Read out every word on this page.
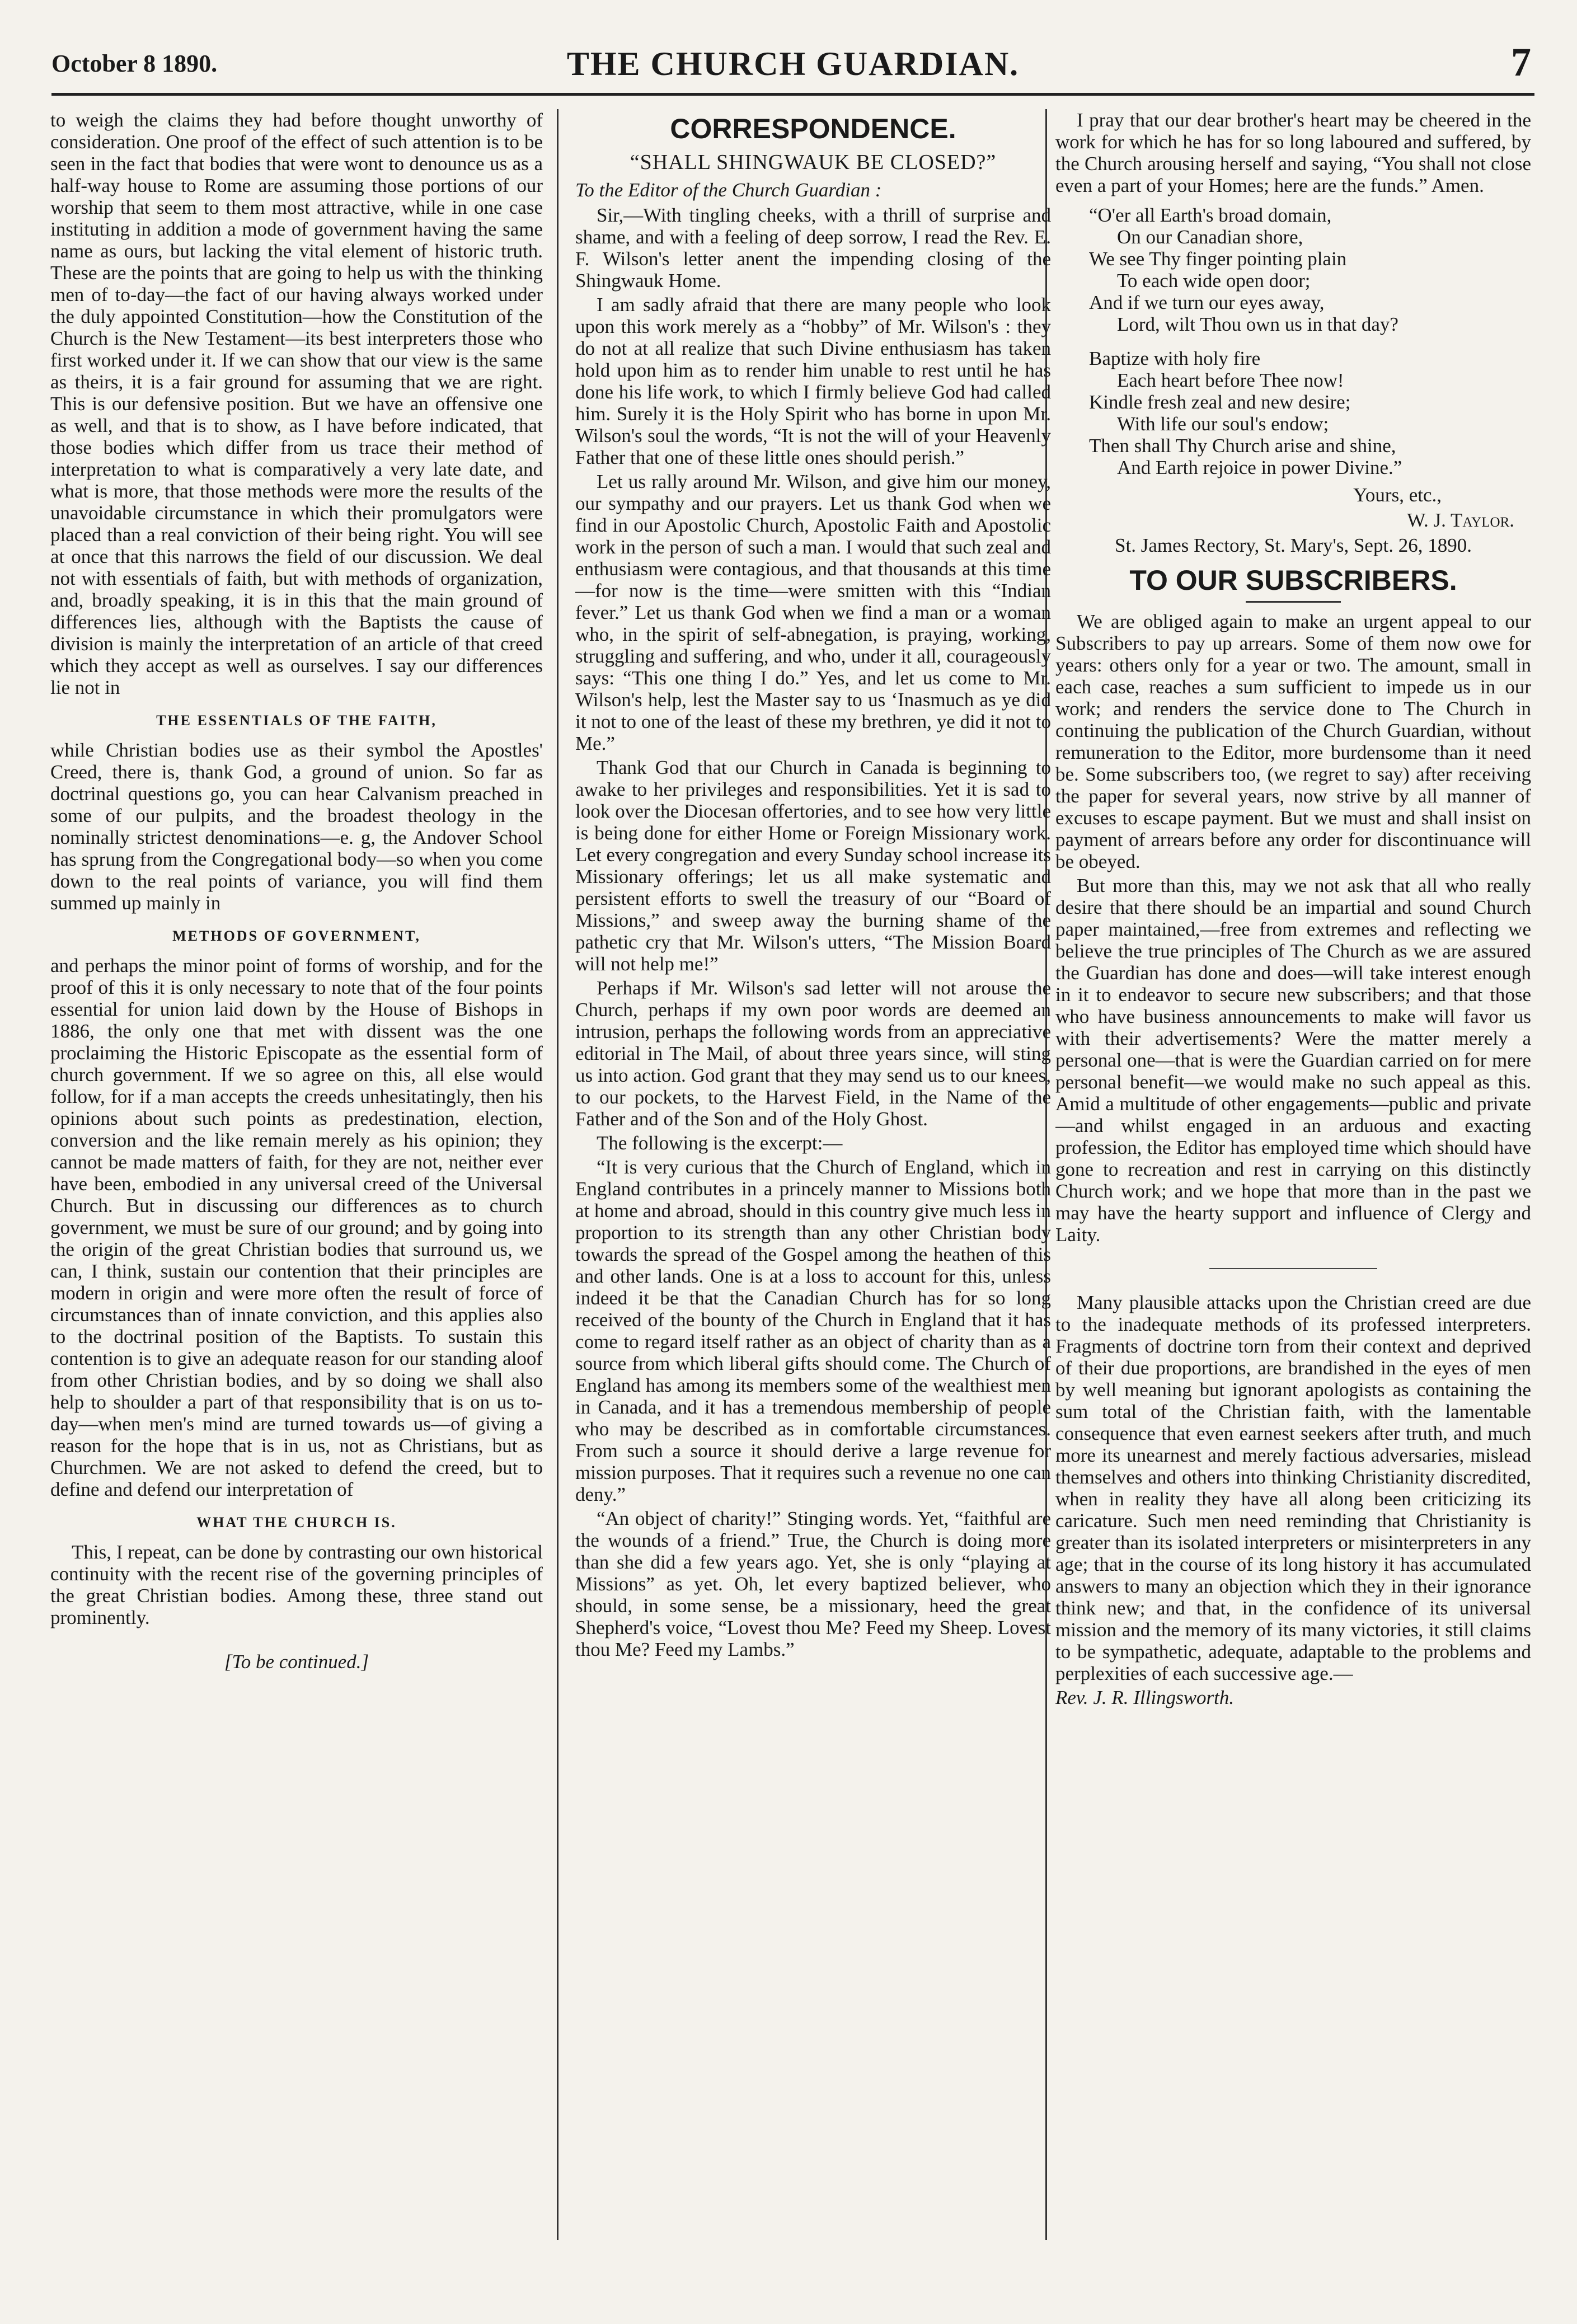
October 8 1890.	THE CHURCH GUARDIAN.	7

to weigh the claims they had before thought unworthy of consideration. One proof of the effect of such attention is to be seen in the fact that bodies that were wont to denounce us as a half-way house to Rome are assuming those portions of our worship that seem to them most attractive, while in one case instituting in addition a mode of government having the same name as ours, but lacking the vital element of historic truth. These are the points that are going to help us with the thinking men of to-day—the fact of our having always worked under the duly appointed Constitution—how the Constitution of the Church is the New Testament—its best interpreters those who first worked under it. If we can show that our view is the same as theirs, it is a fair ground for assuming that we are right. This is our defensive position. But we have an offensive one as well, and that is to show, as I have before indicated, that those bodies which differ from us trace their method of interpretation to what is comparatively a very late date, and what is more, that those methods were more the results of the unavoidable circumstance in which their promulgators were placed than a real conviction of their being right. You will see at once that this narrows the field of our discussion. We deal not with essentials of faith, but with methods of organization, and, broadly speaking, it is in this that the main ground of differences lies, although with the Baptists the cause of division is mainly the interpretation of an article of that creed which they accept as well as ourselves. I say our differences lie not in

THE ESSENTIALS OF THE FAITH,

while Christian bodies use as their symbol the Apostles' Creed, there is, thank God, a ground of union. So far as doctrinal questions go, you can hear Calvanism preached in some of our pulpits, and the broadest theology in the nominally strictest denominations—e. g, the Andover School has sprung from the Congregational body—so when you come down to the real points of variance, you will find them summed up mainly in

METHODS OF GOVERNMENT,

and perhaps the minor point of forms of worship, and for the proof of this it is only necessary to note that of the four points essential for union laid down by the House of Bishops in 1886, the only one that met with dissent was the one proclaiming the Historic Episcopate as the essential form of church government. If we so agree on this, all else would follow, for if a man accepts the creeds unhesitatingly, then his opinions about such points as predestination, election, conversion and the like remain merely as his opinion; they cannot be made matters of faith, for they are not, neither ever have been, embodied in any universal creed of the Universal Church. But in discussing our differences as to church government, we must be sure of our ground; and by going into the origin of the great Christian bodies that surround us, we can, I think, sustain our contention that their principles are modern in origin and were more often the result of force of circumstances than of innate conviction, and this applies also to the doctrinal position of the Baptists. To sustain this contention is to give an adequate reason for our standing aloof from other Christian bodies, and by so doing we shall also help to shoulder a part of that responsibility that is on us to-day—when men's mind are turned towards us—of giving a reason for the hope that is in us, not as Christians, but as Churchmen. We are not asked to defend the creed, but to define and defend our interpretation of

WHAT THE CHURCH IS.

This, I repeat, can be done by contrasting our own historical continuity with the recent rise of the governing principles of the great Christian bodies. Among these, three stand out prominently.

[To be continued.]
CORRESPONDENCE.
“SHALL SHINGWAUK BE CLOSED?”
To the Editor of the Church Guardian :

Sir,—With tingling cheeks, with a thrill of surprise and shame, and with a feeling of deep sorrow, I read the Rev. E. F. Wilson's letter anent the impending closing of the Shingwauk Home.

I am sadly afraid that there are many people who look upon this work merely as a “hobby” of Mr. Wilson's : they do not at all realize that such Divine enthusiasm has taken hold upon him as to render him unable to rest until he has done his life work, to which I firmly believe God had called him. Surely it is the Holy Spirit who has borne in upon Mr. Wilson's soul the words, “It is not the will of your Heavenly Father that one of these little ones should perish.”

Let us rally around Mr. Wilson, and give him our money, our sympathy and our prayers. Let us thank God when we find in our Apostolic Church, Apostolic Faith and Apostolic work in the person of such a man. I would that such zeal and enthusiasm were contagious, and that thousands at this time—for now is the time—were smitten with this “Indian fever.” Let us thank God when we find a man or a woman who, in the spirit of self-abnegation, is praying, working, struggling and suffering, and who, under it all, courageously says: “This one thing I do.” Yes, and let us come to Mr. Wilson's help, lest the Master say to us ‘Inasmuch as ye did it not to one of the least of these my brethren, ye did it not to Me.”

Thank God that our Church in Canada is beginning to awake to her privileges and responsibilities. Yet it is sad to look over the Diocesan offertories, and to see how very little is being done for either Home or Foreign Missionary work. Let every congregation and every Sunday school increase its Missionary offerings; let us all make systematic and persistent efforts to swell the treasury of our “Board of Missions,” and sweep away the burning shame of the pathetic cry that Mr. Wilson's utters, “The Mission Board will not help me!”

Perhaps if Mr. Wilson's sad letter will not arouse the Church, perhaps if my own poor words are deemed an intrusion, perhaps the following words from an appreciative editorial in The Mail, of about three years since, will sting us into action. God grant that they may send us to our knees, to our pockets, to the Harvest Field, in the Name of the Father and of the Son and of the Holy Ghost.

The following is the excerpt:—

“It is very curious that the Church of England, which in England contributes in a princely manner to Missions both at home and abroad, should in this country give much less in proportion to its strength than any other Christian body towards the spread of the Gospel among the heathen of this and other lands. One is at a loss to account for this, unless indeed it be that the Canadian Church has for so long received of the bounty of the Church in England that it has come to regard itself rather as an object of charity than as a source from which liberal gifts should come. The Church of England has among its members some of the wealthiest men in Canada, and it has a tremendous membership of people who may be described as in comfortable circumstances. From such a source it should derive a large revenue for mission purposes. That it requires such a revenue no one can deny.”

“An object of charity!” Stinging words. Yet, “faithful are the wounds of a friend.” True, the Church is doing more than she did a few years ago. Yet, she is only “playing at Missions” as yet. Oh, let every baptized believer, who should, in some sense, be a missionary, heed the great Shepherd's voice, “Lovest thou Me? Feed my Sheep. Lovest thou Me? Feed my Lambs.”

I pray that our dear brother's heart may be cheered in the work for which he has for so long laboured and suffered, by the Church arousing herself and saying, “You shall not close even a part of your Homes; here are the funds.” Amen.

“O'er all Earth's broad domain,

On our Canadian shore,

We see Thy finger pointing plain

To each wide open door;

And if we turn our eyes away,

Lord, wilt Thou own us in that day?

Baptize with holy fire

Each heart before Thee now!

Kindle fresh zeal and new desire;

With life our soul's endow;

Then shall Thy Church arise and shine,

And Earth rejoice in power Divine.”

Yours, etc.,

W. J. Taylor.

St. James Rectory, St. Mary's, Sept. 26, 1890.

TO OUR SUBSCRIBERS.

We are obliged again to make an urgent appeal to our Subscribers to pay up arrears. Some of them now owe for years: others only for a year or two. The amount, small in each case, reaches a sum sufficient to impede us in our work; and renders the service done to The Church in continuing the publication of the Church Guardian, without remuneration to the Editor, more burdensome than it need be. Some subscribers too, (we regret to say) after receiving the paper for several years, now strive by all manner of excuses to escape payment. But we must and shall insist on payment of arrears before any order for discontinuance will be obeyed.

But more than this, may we not ask that all who really desire that there should be an impartial and sound Church paper maintained,—free from extremes and reflecting we believe the true principles of The Church as we are assured the Guardian has done and does—will take interest enough in it to endeavor to secure new subscribers; and that those who have business announcements to make will favor us with their advertisements? Were the matter merely a personal one—that is were the Guardian carried on for mere personal benefit—we would make no such appeal as this. Amid a multitude of other engagements—public and private—and whilst engaged in an arduous and exacting profession, the Editor has employed time which should have gone to recreation and rest in carrying on this distinctly Church work; and we hope that more than in the past we may have the hearty support and influence of Clergy and Laity.

Many plausible attacks upon the Christian creed are due to the inadequate methods of its professed interpreters. Fragments of doctrine torn from their context and deprived of their due proportions, are brandished in the eyes of men by well meaning but ignorant apologists as containing the sum total of the Christian faith, with the lamentable consequence that even earnest seekers after truth, and much more its unearnest and merely factious adversaries, mislead themselves and others into thinking Christianity discredited, when in reality they have all along been criticizing its caricature. Such men need reminding that Christianity is greater than its isolated interpreters or misinterpreters in any age; that in the course of its long history it has accumulated answers to many an objection which they in their ignorance think new; and that, in the confidence of its universal mission and the memory of its many victories, it still claims to be sympathetic, adequate, adaptable to the problems and perplexities of each successive age.—

Rev. J. R. Illingsworth.
